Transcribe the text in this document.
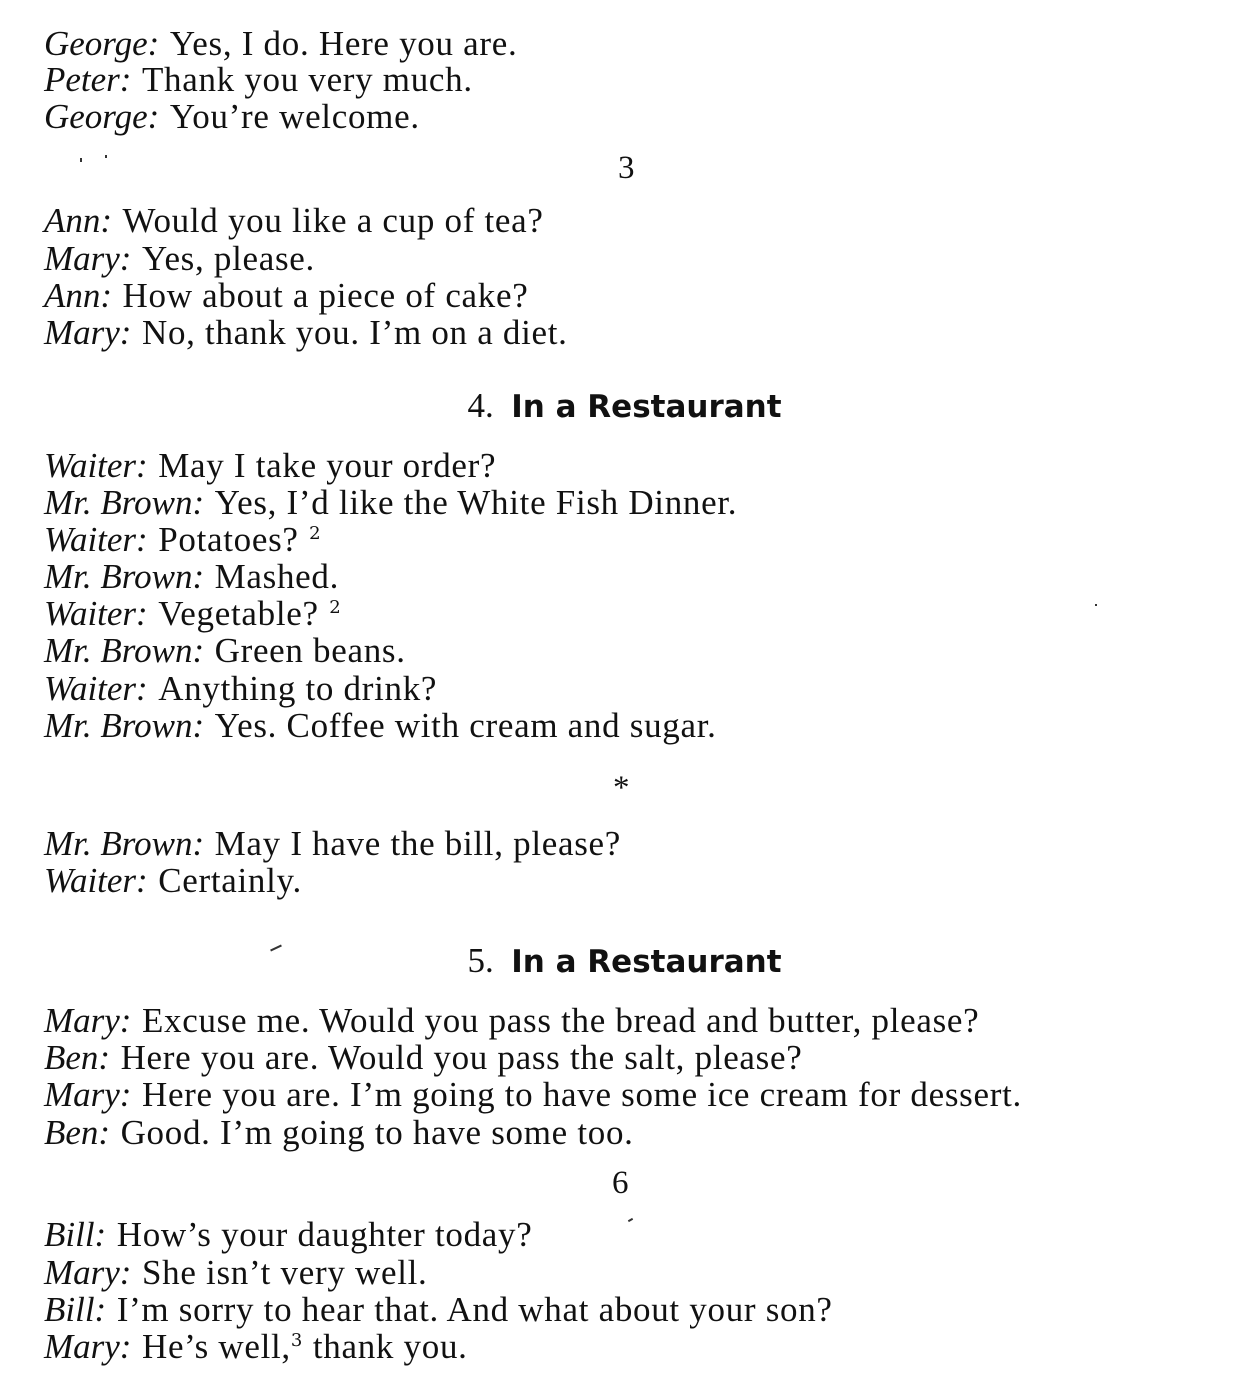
George: Yes, I do. Here you are.
Peter: Thank you very much.
George: You’re welcome.
3
Ann: Would you like a cup of tea?
Mary: Yes, please.
Ann: How about a piece of cake?
Mary: No, thank you. I’m on a diet.
4. In a Restaurant
Waiter: May I take your order?
Mr. Brown: Yes, I’d like the White Fish Dinner.
Waiter: Potatoes? $^2$
Mr. Brown: Mashed.
Waiter: Vegetable? $^2$
Mr. Brown: Green beans.
Waiter: Anything to drink?
Mr. Brown: Yes. Coffee with cream and sugar.
*
Mr. Brown: May I have the bill, please?
Waiter: Certainly.
5. In a Restaurant
Mary: Excuse me. Would you pass the bread and butter, please?
Ben: Here you are. Would you pass the salt, please?
Mary: Here you are. I’m going to have some ice cream for dessert.
Ben: Good. I’m going to have some too.
6
Bill: How’s your daughter today?
Mary: She isn’t very well.
Bill: I’m sorry to hear that. And what about your son?
Mary: He’s well,$^3$ thank you.
